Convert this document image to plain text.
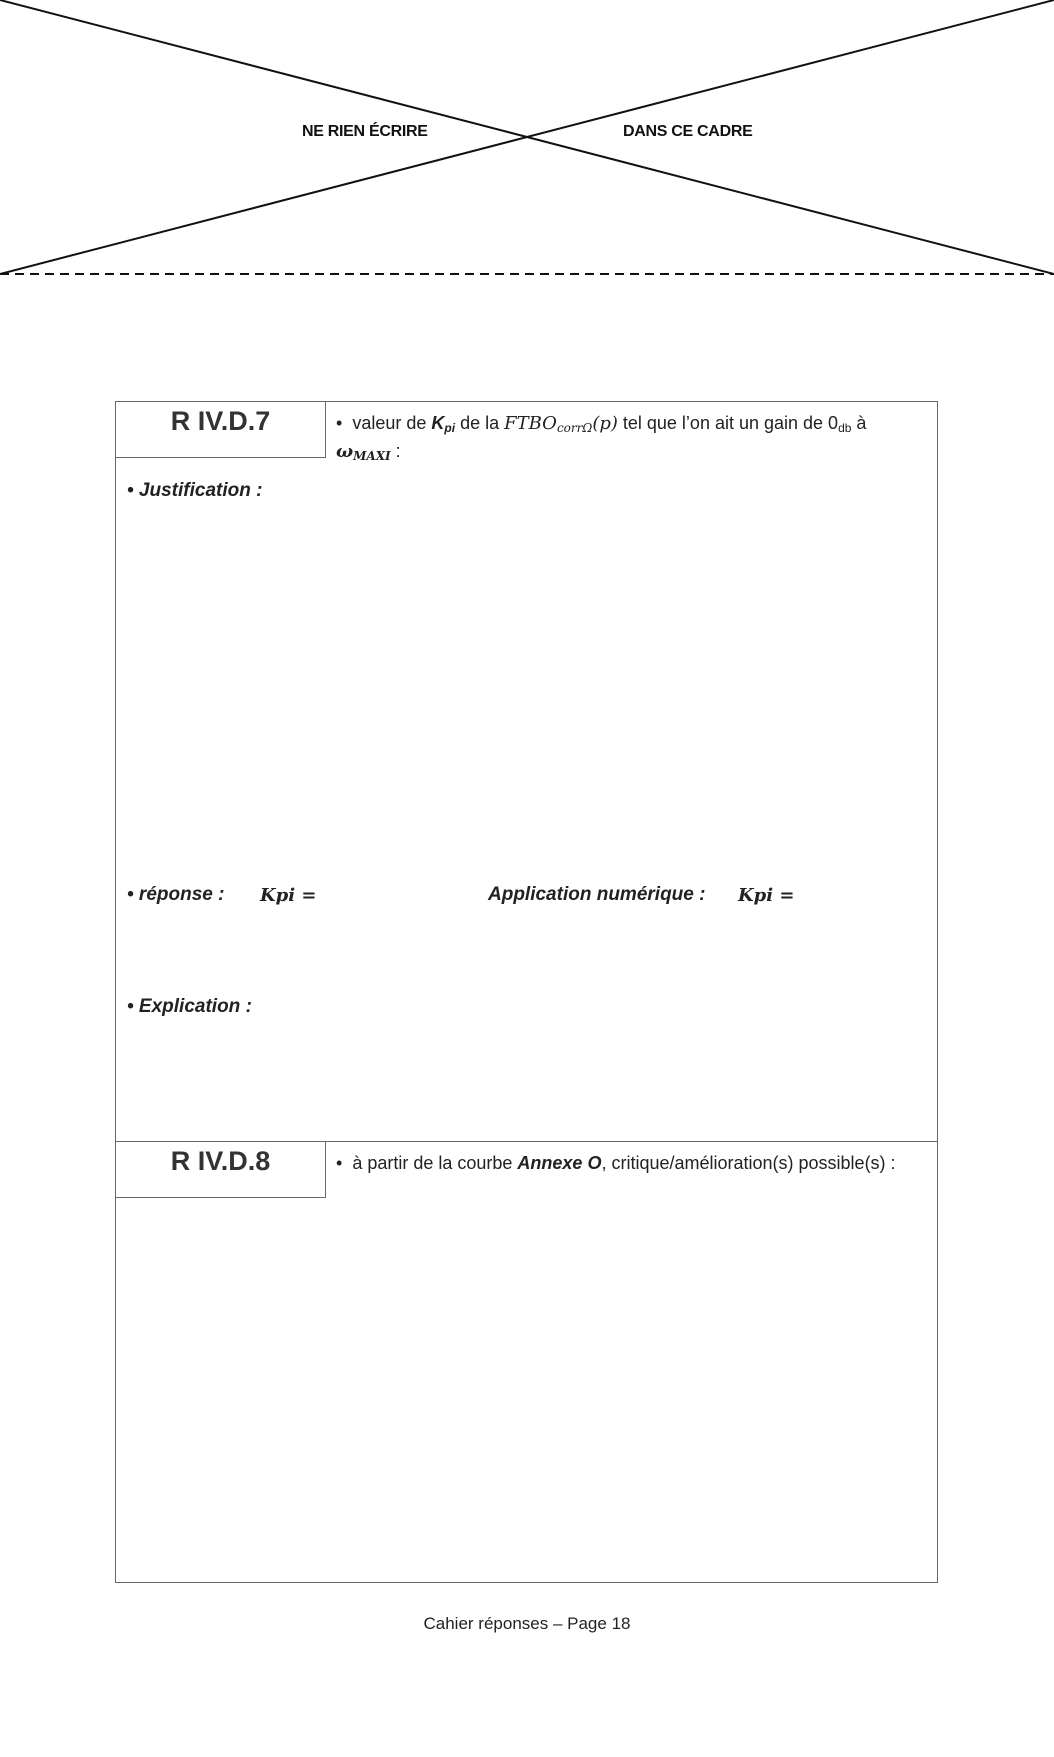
NE RIEN ÉCRIRE	DANS CE CADRE
R IV.D.7	• valeur de $K_{pi}$ de la $FTBO_{corr\Omega}(p)$ tel que l’on ait un gain de $0_{db}$ à
$\omega_{MAXI}$ :
• Justification :
• réponse : Kpi =	Application numérique : Kpi =
• Explication :
R IV.D.8	• à partir de la courbe Annexe O, critique/amélioration(s) possible(s) :
Cahier réponses – Page 18
